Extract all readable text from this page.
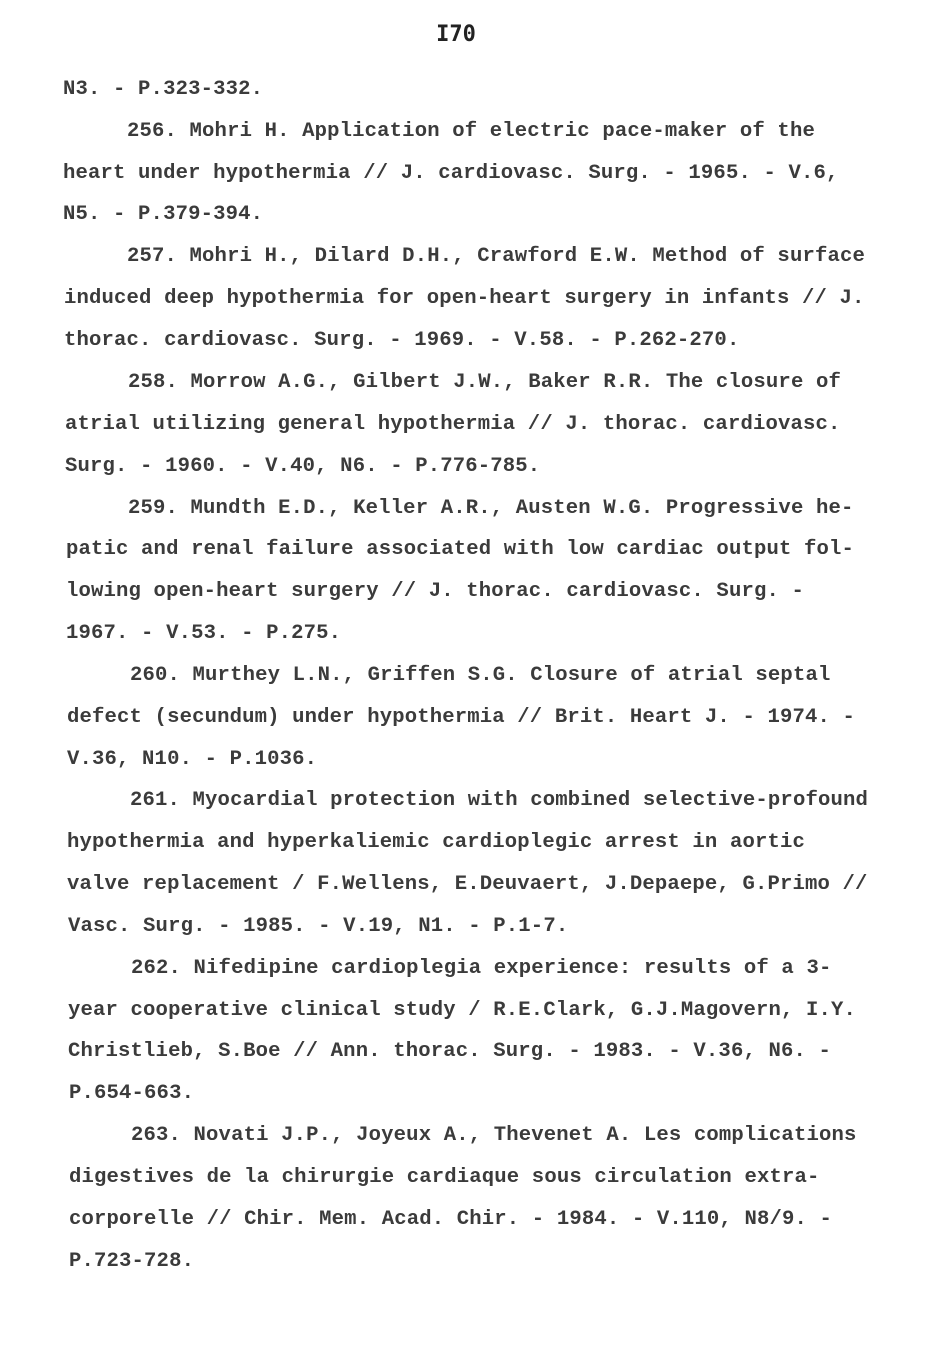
I70
N3. - P.323-332.
256. Mohri H. Application of electric pace-maker of the
heart under hypothermia // J. cardiovasc. Surg. - 1965. - V.6,
N5. - P.379-394.
257. Mohri H., Dilard D.H., Crawford E.W. Method of surface
induced deep hypothermia for open-heart surgery in infants // J.
thorac. cardiovasc. Surg. - 1969. - V.58. - P.262-270.
258. Morrow A.G., Gilbert J.W., Baker R.R. The closure of
atrial utilizing general hypothermia // J. thorac. cardiovasc.
Surg. - 1960. - V.40, N6. - P.776-785.
259. Mundth E.D., Keller A.R., Austen W.G. Progressive he-
patic and renal failure associated with low cardiac output fol-
lowing open-heart surgery // J. thorac. cardiovasc. Surg. -
1967. - V.53. - P.275.
260. Murthey L.N., Griffen S.G. Closure of atrial septal
defect (secundum) under hypothermia // Brit. Heart J. - 1974. -
V.36, N10. - P.1036.
261. Myocardial protection with combined selective-profound
hypothermia and hyperkaliemic cardioplegic arrest in aortic
valve replacement / F.Wellens, E.Deuvaert, J.Depaepe, G.Primo //
Vasc. Surg. - 1985. - V.19, N1. - P.1-7.
262. Nifedipine cardioplegia experience: results of a 3-
year cooperative clinical study / R.E.Clark, G.J.Magovern, I.Y.
Christlieb, S.Boe // Ann. thorac. Surg. - 1983. - V.36, N6. -
P.654-663.
263. Novati J.P., Joyeux A., Thevenet A. Les complications
digestives de la chirurgie cardiaque sous circulation extra-
corporelle // Chir. Mem. Acad. Chir. - 1984. - V.110, N8/9. -
P.723-728.
